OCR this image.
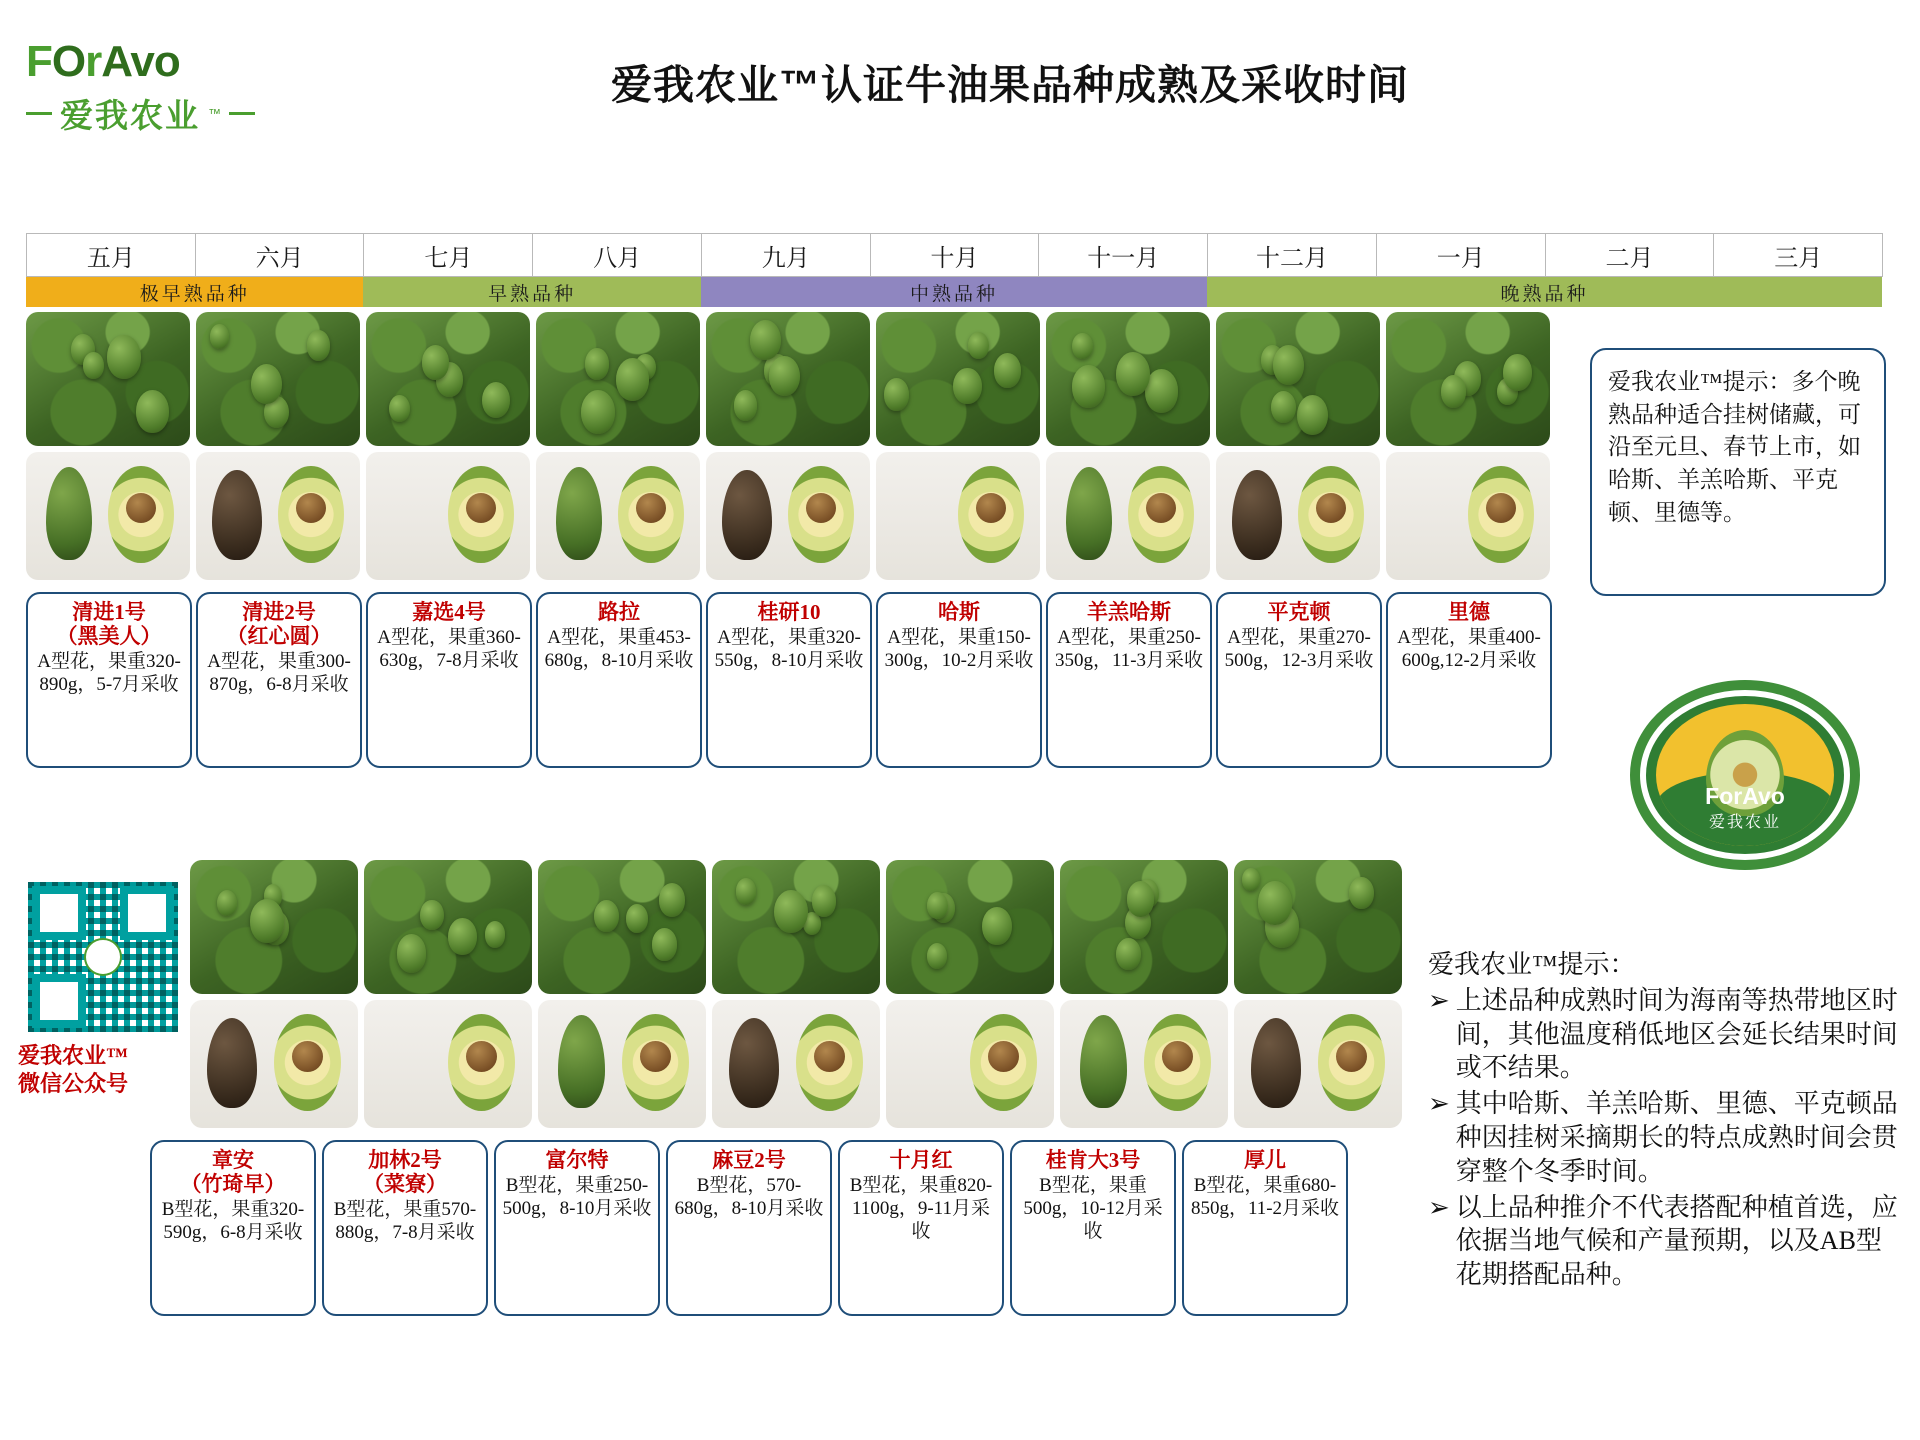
FOrAvo
爱我农业 ™
爱我农业™认证牛油果品种成熟及采收时间
五月	六月	七月	八月	九月	十月	十一月	十二月	一月	二月	三月
极早熟品种	早熟品种	中熟品种	晚熟品种
爱我农业™提示：多个晚熟品种适合挂树储藏，可沿至元旦、春节上市，如哈斯、羊羔哈斯、平克顿、里德等。
清进1号
（黑美人）
A型花，果重320-890g，5-7月采收
清进2号
（红心圆）
A型花，果重300-870g，6-8月采收
嘉选4号
A型花，果重360-630g，7-8月采收
路拉
A型花，果重453-680g，8-10月采收
桂研10
A型花，果重320-550g，8-10月采收
哈斯
A型花，果重150-300g，10-2月采收
羊羔哈斯
A型花，果重250-350g，11-3月采收
平克顿
A型花，果重270-500g，12-3月采收
里德
A型花，果重400-600g,12-2月采收
ForAvo
爱我农业
爱我农业™
微信公众号
章安
（竹琦早）
B型花，果重320-590g，6-8月采收
加林2号
（菜寮）
B型花，果重570-880g，7-8月采收
富尔特
B型花，果重250-500g，8-10月采收
麻豆2号
B型花，570-680g，8-10月采收
十月红
B型花，果重820-1100g，9-11月采收
桂肯大3号
B型花，果重500g，10-12月采收
厚儿
B型花，果重680-850g，11-2月采收
爱我农业™提示：
➢ 上述品种成熟时间为海南等热带地区时间，其他温度稍低地区会延长结果时间或不结果。
➢ 其中哈斯、羊羔哈斯、里德、平克顿品种因挂树采摘期长的特点成熟时间会贯穿整个冬季时间。
➢ 以上品种推介不代表搭配种植首选，应依据当地气候和产量预期，以及AB型花期搭配品种。
